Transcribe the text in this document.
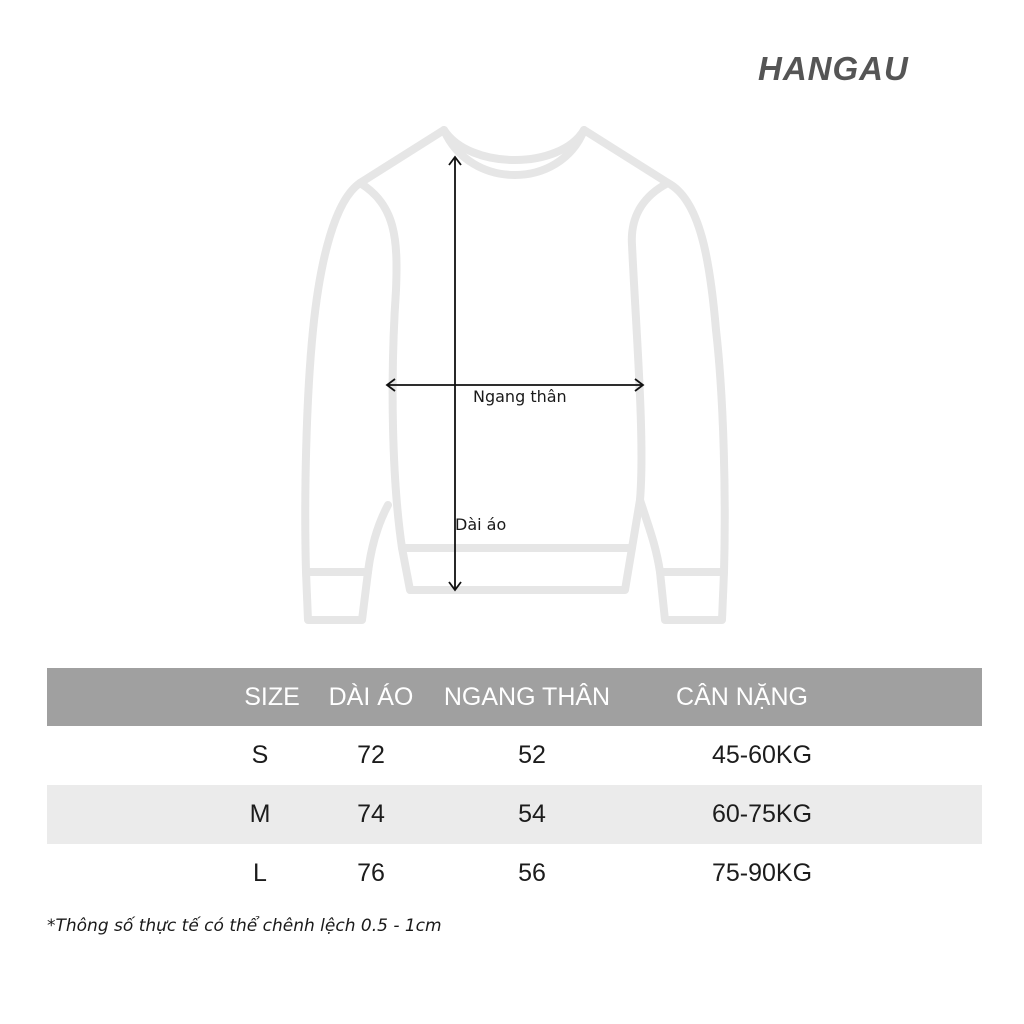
HANGAU
Ngang thân
Dài áo
SIZE	DÀI ÁO	NGANG THÂN	CÂN NẶNG
S	72	52	45-60KG
M	74	54	60-75KG
L	76	56	75-90KG
*Thông số thực tế có thể chênh lệch 0.5 - 1cm
